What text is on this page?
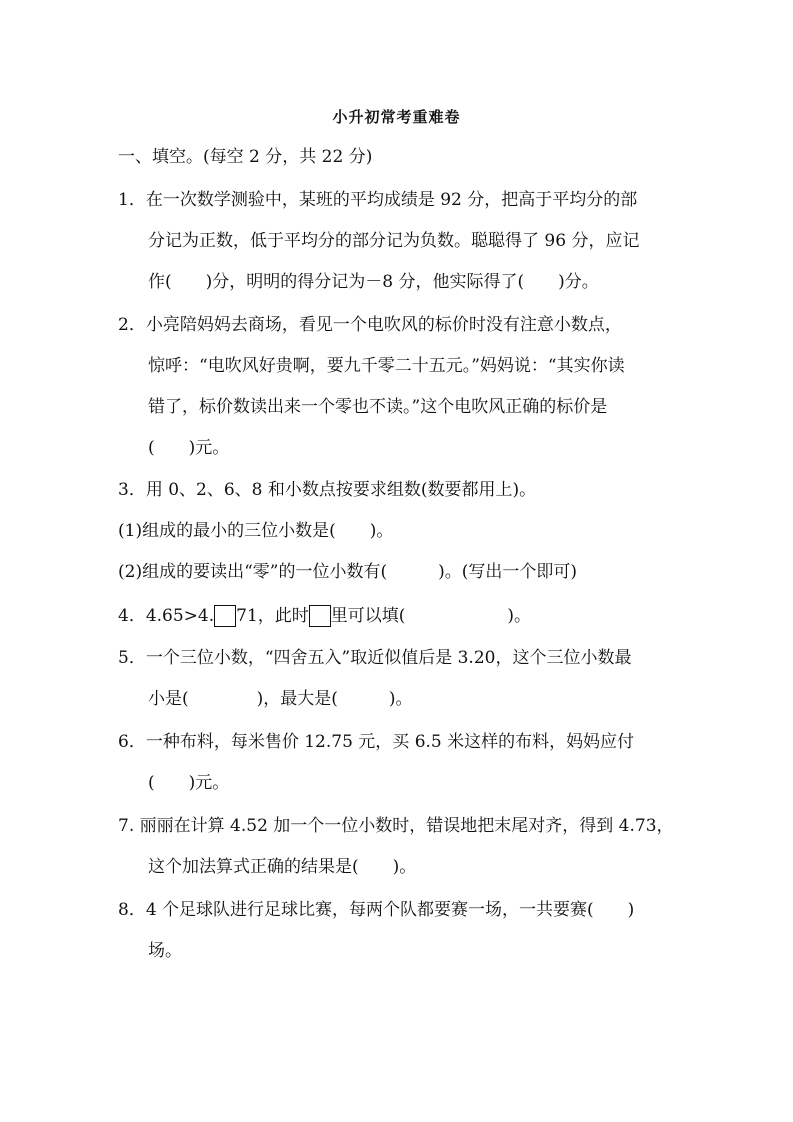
小升初常考重难卷
一、填空。(每空 2 分，共 22 分)
1．在一次数学测验中，某班的平均成绩是 92 分，把高于平均分的部
分记为正数，低于平均分的部分记为负数。聪聪得了 96 分，应记
作(　　)分，明明的得分记为－8 分，他实际得了(　　)分。
2．小亮陪妈妈去商场，看见一个电吹风的标价时没有注意小数点，
惊呼：“电吹风好贵啊，要九千零二十五元。”妈妈说：“其实你读
错了，标价数读出来一个零也不读。”这个电吹风正确的标价是
(　　)元。
3．用 0、2、6、8 和小数点按要求组数(数要都用上)。
(1)组成的最小的三位小数是(　　)。
(2)组成的要读出“零”的一位小数有(　　　)。(写出一个即可)
4．4.65>4. 71，此时 里可以填(　　　　　　)。
5．一个三位小数，“四舍五入”取近似值后是 3.20，这个三位小数最
小是(　　　　)，最大是(　　　)。
6．一种布料，每米售价 12.75 元，买 6.5 米这样的布料，妈妈应付
(　　)元。
7. 丽丽在计算 4.52 加一个一位小数时，错误地把末尾对齐，得到 4.73，
这个加法算式正确的结果是(　　)。
8．4 个足球队进行足球比赛，每两个队都要赛一场，一共要赛(　　)
场。
